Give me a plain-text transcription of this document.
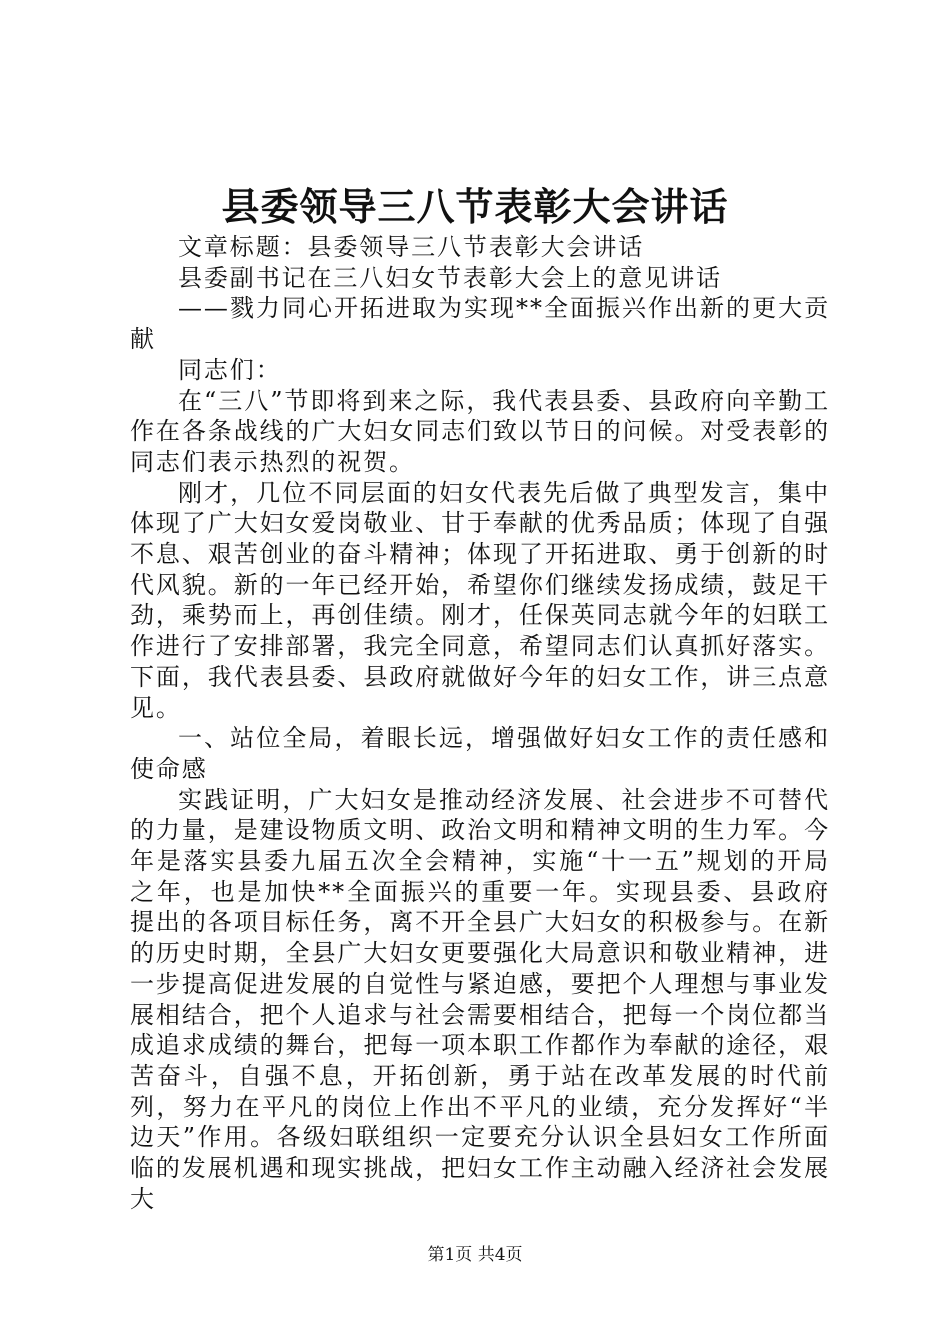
县委领导三八节表彰大会讲话

文章标题：县委领导三八节表彰大会讲话

县委副书记在三八妇女节表彰大会上的意见讲话

——戮力同心开拓进取为实现**全面振兴作出新的更大贡献

同志们：

在“三八”节即将到来之际，我代表县委、县政府向辛勤工作在各条战线的广大妇女同志们致以节日的问候。对受表彰的同志们表示热烈的祝贺。

刚才，几位不同层面的妇女代表先后做了典型发言，集中体现了广大妇女爱岗敬业、甘于奉献的优秀品质；体现了自强不息、艰苦创业的奋斗精神；体现了开拓进取、勇于创新的时代风貌。新的一年已经开始，希望你们继续发扬成绩，鼓足干劲，乘势而上，再创佳绩。刚才，任保英同志就今年的妇联工作进行了安排部署，我完全同意，希望同志们认真抓好落实。下面，我代表县委、县政府就做好今年的妇女工作，讲三点意见。

一、站位全局，着眼长远，增强做好妇女工作的责任感和使命感

实践证明，广大妇女是推动经济发展、社会进步不可替代的力量，是建设物质文明、政治文明和精神文明的生力军。今年是落实县委九届五次全会精神，实施“十一五”规划的开局之年，也是加快**全面振兴的重要一年。实现县委、县政府提出的各项目标任务，离不开全县广大妇女的积极参与。在新的历史时期，全县广大妇女更要强化大局意识和敬业精神，进一步提高促进发展的自觉性与紧迫感，要把个人理想与事业发展相结合，把个人追求与社会需要相结合，把每一个岗位都当成追求成绩的舞台，把每一项本职工作都作为奉献的途径，艰苦奋斗，自强不息，开拓创新，勇于站在改革发展的时代前列，努力在平凡的岗位上作出不平凡的业绩，充分发挥好“半边天”作用。各级妇联组织一定要充分认识全县妇女工作所面临的发展机遇和现实挑战，把妇女工作主动融入经济社会发展大

第1页 共4页
